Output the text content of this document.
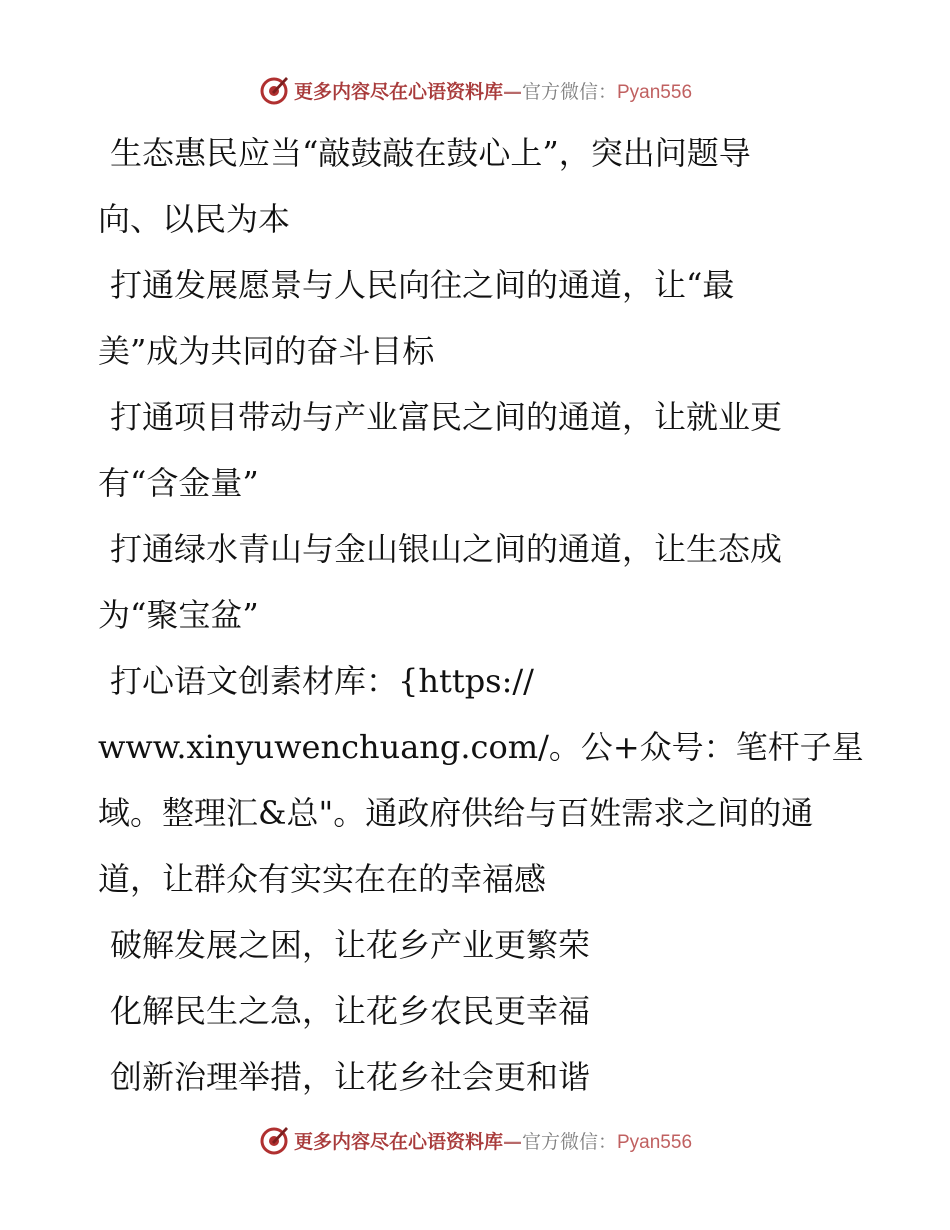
更多内容尽在心语资料库—官方微信：Pyan556
生态惠民应当“敲鼓敲在鼓心上”，突出问题导
向、以民为本
打通发展愿景与人民向往之间的通道，让“最
美”成为共同的奋斗目标
打通项目带动与产业富民之间的通道，让就业更
有“含金量”
打通绿水青山与金山银山之间的通道，让生态成
为“聚宝盆”
打心语文创素材库：{https://
www.xinyuwenchuang.com/。公+众号：笔杆子星
域。整理汇&总"。通政府供给与百姓需求之间的通
道，让群众有实实在在的幸福感
破解发展之困，让花乡产业更繁荣
化解民生之急，让花乡农民更幸福
创新治理举措，让花乡社会更和谐
更多内容尽在心语资料库—官方微信：Pyan556
